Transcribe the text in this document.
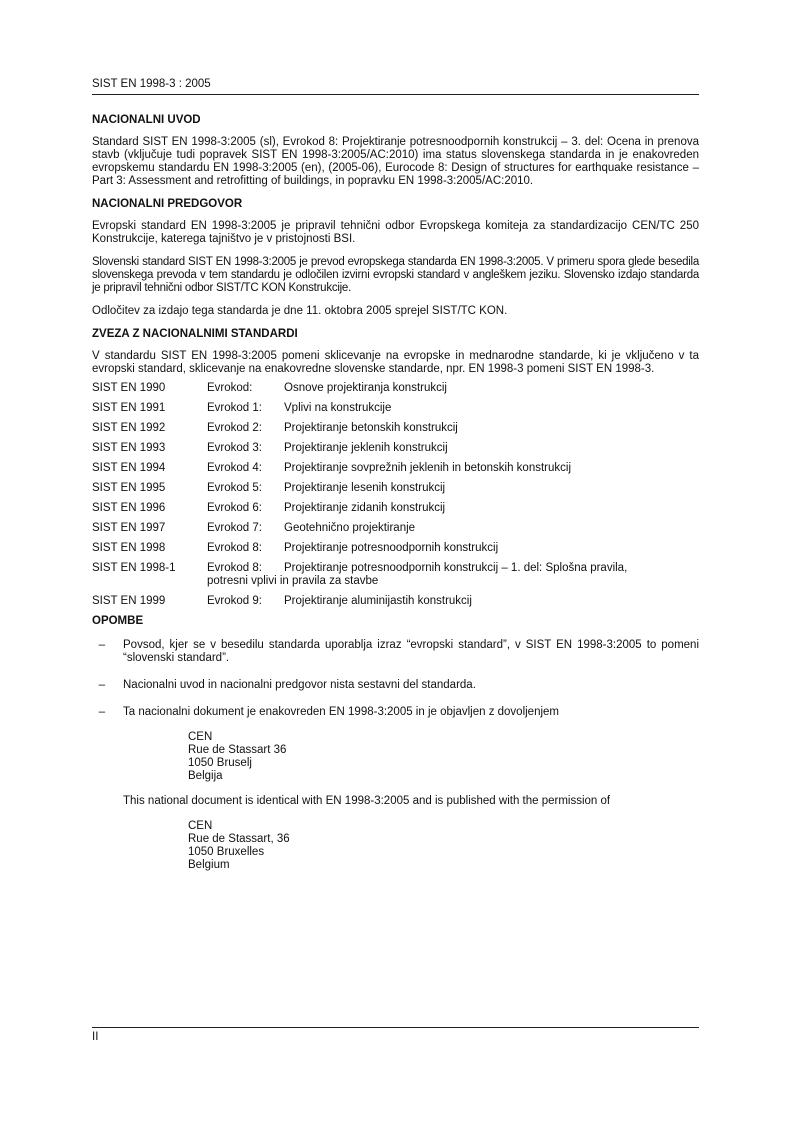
SIST EN 1998-3 : 2005
NACIONALNI UVOD

Standard SIST EN 1998-3:2005 (sl), Evrokod 8: Projektiranje potresnoodpornih konstrukcij – 3. del: Ocena in prenova stavb (vključuje tudi popravek SIST EN 1998-3:2005/AC:2010) ima status slovenskega standarda in je enakovreden evropskemu standardu EN 1998-3:2005 (en), (2005-06), Eurocode 8: Design of structures for earthquake resistance – Part 3: Assessment and retrofitting of buildings, in popravku EN 1998-3:2005/AC:2010.

NACIONALNI PREDGOVOR

Evropski standard EN 1998-3:2005 je pripravil tehnični odbor Evropskega komiteja za standardizacijo CEN/TC 250 Konstrukcije, katerega tajništvo je v pristojnosti BSI.

Slovenski standard SIST EN 1998-3:2005 je prevod evropskega standarda EN 1998-3:2005. V primeru spora glede besedila slovenskega prevoda v tem standardu je odločilen izvirni evropski standard v angleškem jeziku. Slovensko izdajo standarda je pripravil tehnični odbor SIST/TC KON Konstrukcije.

Odločitev za izdajo tega standarda je dne 11. oktobra 2005 sprejel SIST/TC KON.

ZVEZA Z NACIONALNIMI STANDARDI

V standardu SIST EN 1998-3:2005 pomeni sklicevanje na evropske in mednarodne standarde, ki je vključeno v ta evropski standard, sklicevanje na enakovredne slovenske standarde, npr. EN 1998-3 pomeni SIST EN 1998-3.

SIST EN 1990	Evrokod:	Osnove projektiranja konstrukcij
SIST EN 1991	Evrokod 1:	Vplivi na konstrukcije
SIST EN 1992	Evrokod 2:	Projektiranje betonskih konstrukcij
SIST EN 1993	Evrokod 3:	Projektiranje jeklenih konstrukcij
SIST EN 1994	Evrokod 4:	Projektiranje sovprežnih jeklenih in betonskih konstrukcij
SIST EN 1995	Evrokod 5:	Projektiranje lesenih konstrukcij
SIST EN 1996	Evrokod 6:	Projektiranje zidanih konstrukcij
SIST EN 1997	Evrokod 7:	Geotehnično projektiranje
SIST EN 1998	Evrokod 8:	Projektiranje potresnoodpornih konstrukcij
SIST EN 1998-1	Evrokod 8:	Projektiranje potresnoodpornih konstrukcij – 1. del: Splošna pravila,
potresni vplivi in pravila za stavbe
SIST EN 1999	Evrokod 9:	Projektiranje aluminijastih konstrukcij
OPOMBE
–	Povsod, kjer se v besedilu standarda uporablja izraz “evropski standard”, v SIST EN 1998-3:2005 to pomeni “slovenski standard”.
–	Nacionalni uvod in nacionalni predgovor nista sestavni del standarda.
–	Ta nacionalni dokument je enakovreden EN 1998-3:2005 in je objavljen z dovoljenjem
CEN
Rue de Stassart 36
1050 Bruselj
Belgija
This national document is identical with EN 1998-3:2005 and is published with the permission of
CEN
Rue de Stassart, 36
1050 Bruxelles
Belgium
II
